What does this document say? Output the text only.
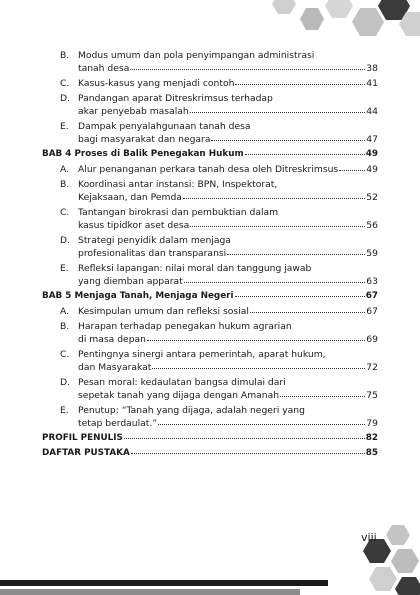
B. Modus umum dan pola penyimpangan administrasi
tanah desa	38
C. Kasus-kasus yang menjadi contoh	41
D. Pandangan aparat Ditreskrimsus terhadap
akar penyebab masalah	44
E. Dampak penyalahgunaan tanah desa
bagi masyarakat dan negara	47
BAB 4 Proses di Balik Penegakan Hukum	49
A. Alur penanganan perkara tanah desa oleh Ditreskrimsus	49
B. Koordinasi antar instansi: BPN, Inspektorat,
Kejaksaan, dan Pemda	52
C. Tantangan birokrasi dan pembuktian dalam
kasus tipidkor aset desa	56
D. Strategi penyidik dalam menjaga
profesionalitas dan transparansi	59
E. Refleksi lapangan: nilai moral dan tanggung jawab
yang diemban apparat	63
BAB 5 Menjaga Tanah, Menjaga Negeri	67
A. Kesimpulan umum dan refleksi sosial	67
B. Harapan terhadap penegakan hukum agrarian
di masa depan	69
C. Pentingnya sinergi antara pemerintah, aparat hukum,
dan Masyarakat	72
D. Pesan moral: kedaulatan bangsa dimulai dari
sepetak tanah yang dijaga dengan Amanah	75
E. Penutup: “Tanah yang dijaga, adalah negeri yang
tetap berdaulat.”	79
PROFIL PENULIS	82
DAFTAR PUSTAKA	85
viii
